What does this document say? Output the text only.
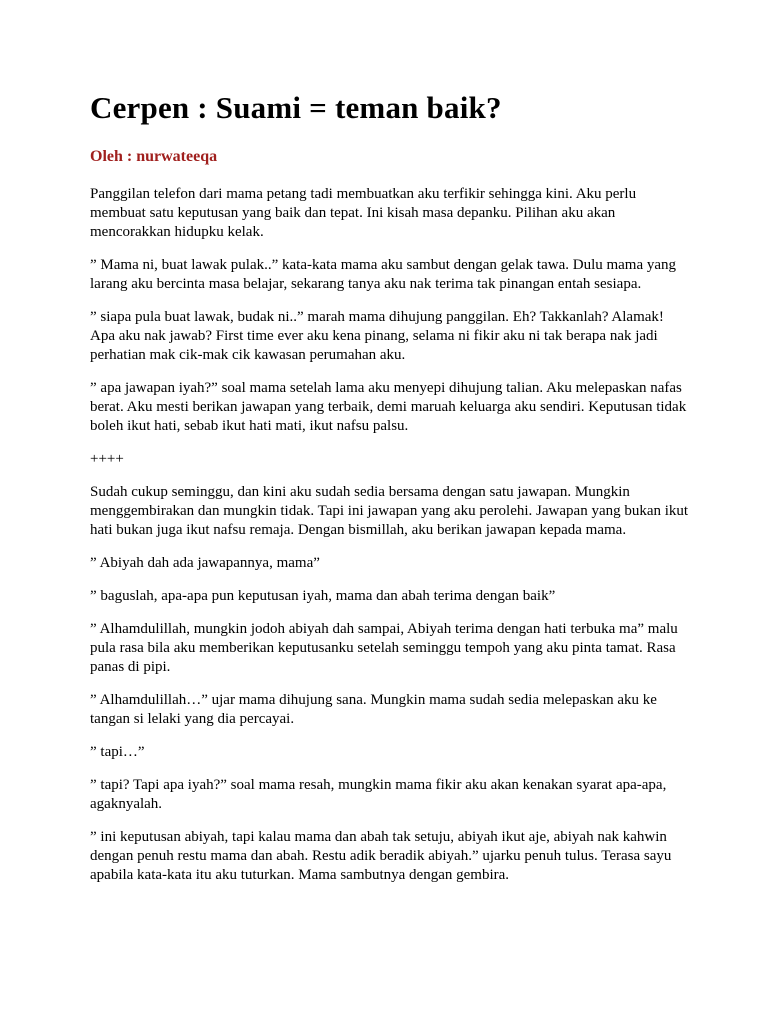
Cerpen : Suami = teman baik?

Oleh : nurwateeqa

Panggilan telefon dari mama petang tadi membuatkan aku terfikir sehingga kini. Aku perlu membuat satu keputusan yang baik dan tepat. Ini kisah masa depanku. Pilihan aku akan mencorakkan hidupku kelak.

” Mama ni, buat lawak pulak..” kata-kata mama aku sambut dengan gelak tawa. Dulu mama yang larang aku bercinta masa belajar, sekarang tanya aku nak terima tak pinangan entah sesiapa.

” siapa pula buat lawak, budak ni..” marah mama dihujung panggilan. Eh? Takkanlah? Alamak! Apa aku nak jawab? First time ever aku kena pinang, selama ni fikir aku ni tak berapa nak jadi perhatian mak cik-mak cik kawasan perumahan aku.

” apa jawapan iyah?” soal mama setelah lama aku menyepi dihujung talian. Aku melepaskan nafas berat. Aku mesti berikan jawapan yang terbaik, demi maruah keluarga aku sendiri. Keputusan tidak boleh ikut hati, sebab ikut hati mati, ikut nafsu palsu.

++++

Sudah cukup seminggu, dan kini aku sudah sedia bersama dengan satu jawapan. Mungkin menggembirakan dan mungkin tidak. Tapi ini jawapan yang aku perolehi. Jawapan yang bukan ikut hati bukan juga ikut nafsu remaja. Dengan bismillah, aku berikan jawapan kepada mama.

” Abiyah dah ada jawapannya, mama”

” baguslah, apa-apa pun keputusan iyah, mama dan abah terima dengan baik”

” Alhamdulillah, mungkin jodoh abiyah dah sampai, Abiyah terima dengan hati terbuka ma” malu pula rasa bila aku memberikan keputusanku setelah seminggu tempoh yang aku pinta tamat. Rasa panas di pipi.

” Alhamdulillah…” ujar mama dihujung sana. Mungkin mama sudah sedia melepaskan aku ke tangan si lelaki yang dia percayai.

” tapi…”

” tapi? Tapi apa iyah?” soal mama resah, mungkin mama fikir aku akan kenakan syarat apa-apa, agaknyalah.

” ini keputusan abiyah, tapi kalau mama dan abah tak setuju, abiyah ikut aje, abiyah nak kahwin dengan penuh restu mama dan abah. Restu adik beradik abiyah.” ujarku penuh tulus. Terasa sayu apabila kata-kata itu aku tuturkan. Mama sambutnya dengan gembira.
